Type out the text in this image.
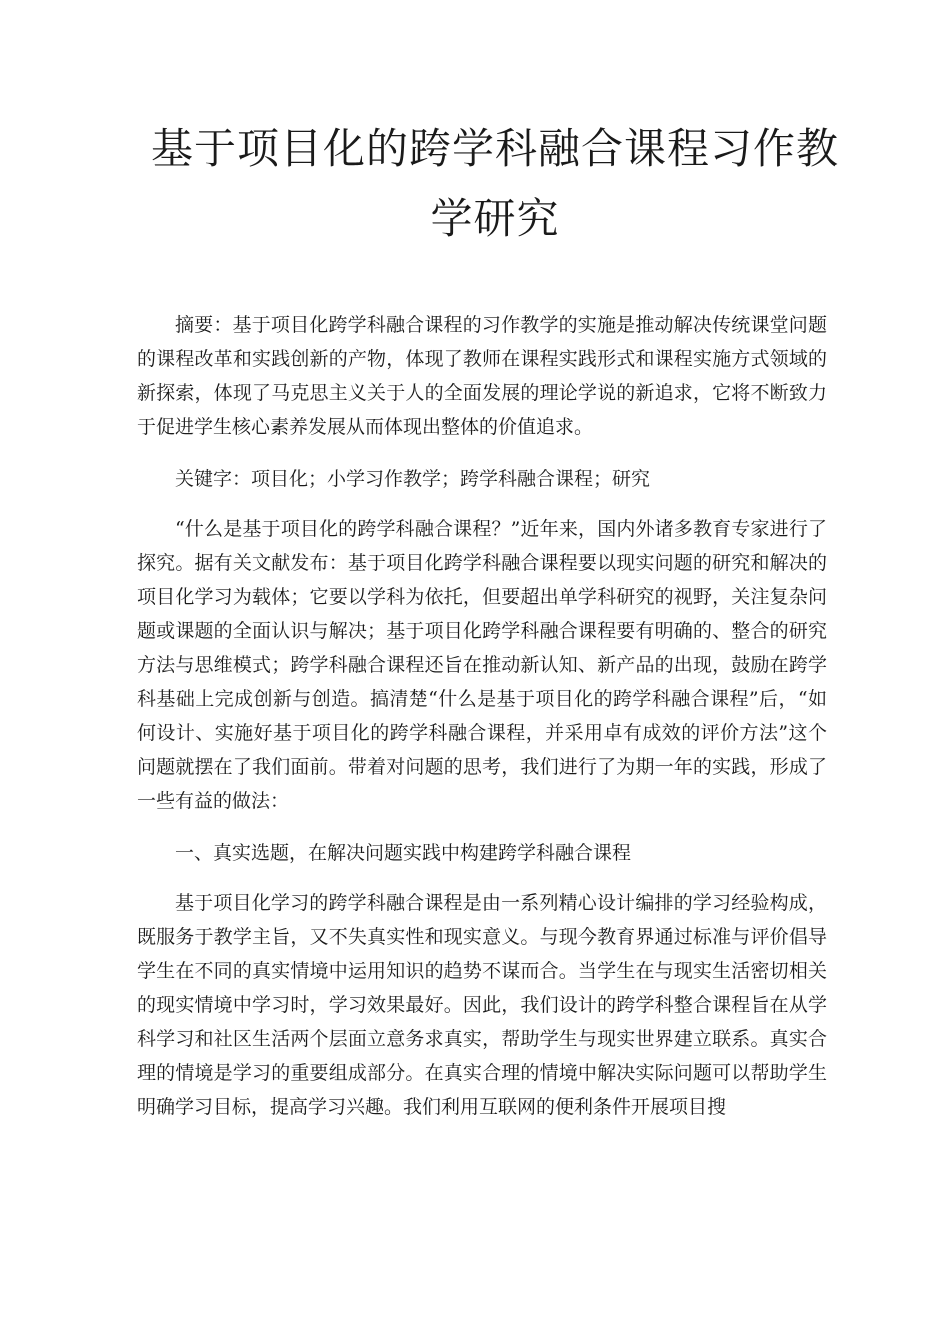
基于项目化的跨学科融合课程习作教
学研究

摘要：基于项目化跨学科融合课程的习作教学的实施是推动解决传统课堂问题的课程改革和实践创新的产物，体现了教师在课程实践形式和课程实施方式领域的新探索，体现了马克思主义关于人的全面发展的理论学说的新追求，它将不断致力于促进学生核心素养发展从而体现出整体的价值追求。

关键字：项目化；小学习作教学；跨学科融合课程；研究

“什么是基于项目化的跨学科融合课程？”近年来，国内外诸多教育专家进行了探究。据有关文献发布：基于项目化跨学科融合课程要以现实问题的研究和解决的项目化学习为载体；它要以学科为依托，但要超出单学科研究的视野，关注复杂问题或课题的全面认识与解决；基于项目化跨学科融合课程要有明确的、整合的研究方法与思维模式；跨学科融合课程还旨在推动新认知、新产品的出现，鼓励在跨学科基础上完成创新与创造。搞清楚“什么是基于项目化的跨学科融合课程”后，“如何设计、实施好基于项目化的跨学科融合课程，并采用卓有成效的评价方法”这个问题就摆在了我们面前。带着对问题的思考，我们进行了为期一年的实践，形成了一些有益的做法：

一、真实选题，在解决问题实践中构建跨学科融合课程

基于项目化学习的跨学科融合课程是由一系列精心设计编排的学习经验构成，既服务于教学主旨，又不失真实性和现实意义。与现今教育界通过标准与评价倡导学生在不同的真实情境中运用知识的趋势不谋而合。当学生在与现实生活密切相关的现实情境中学习时，学习效果最好。因此，我们设计的跨学科整合课程旨在从学科学习和社区生活两个层面立意务求真实，帮助学生与现实世界建立联系。真实合理的情境是学习的重要组成部分。在真实合理的情境中解决实际问题可以帮助学生明确学习目标，提高学习兴趣。我们利用互联网的便利条件开展项目搜
